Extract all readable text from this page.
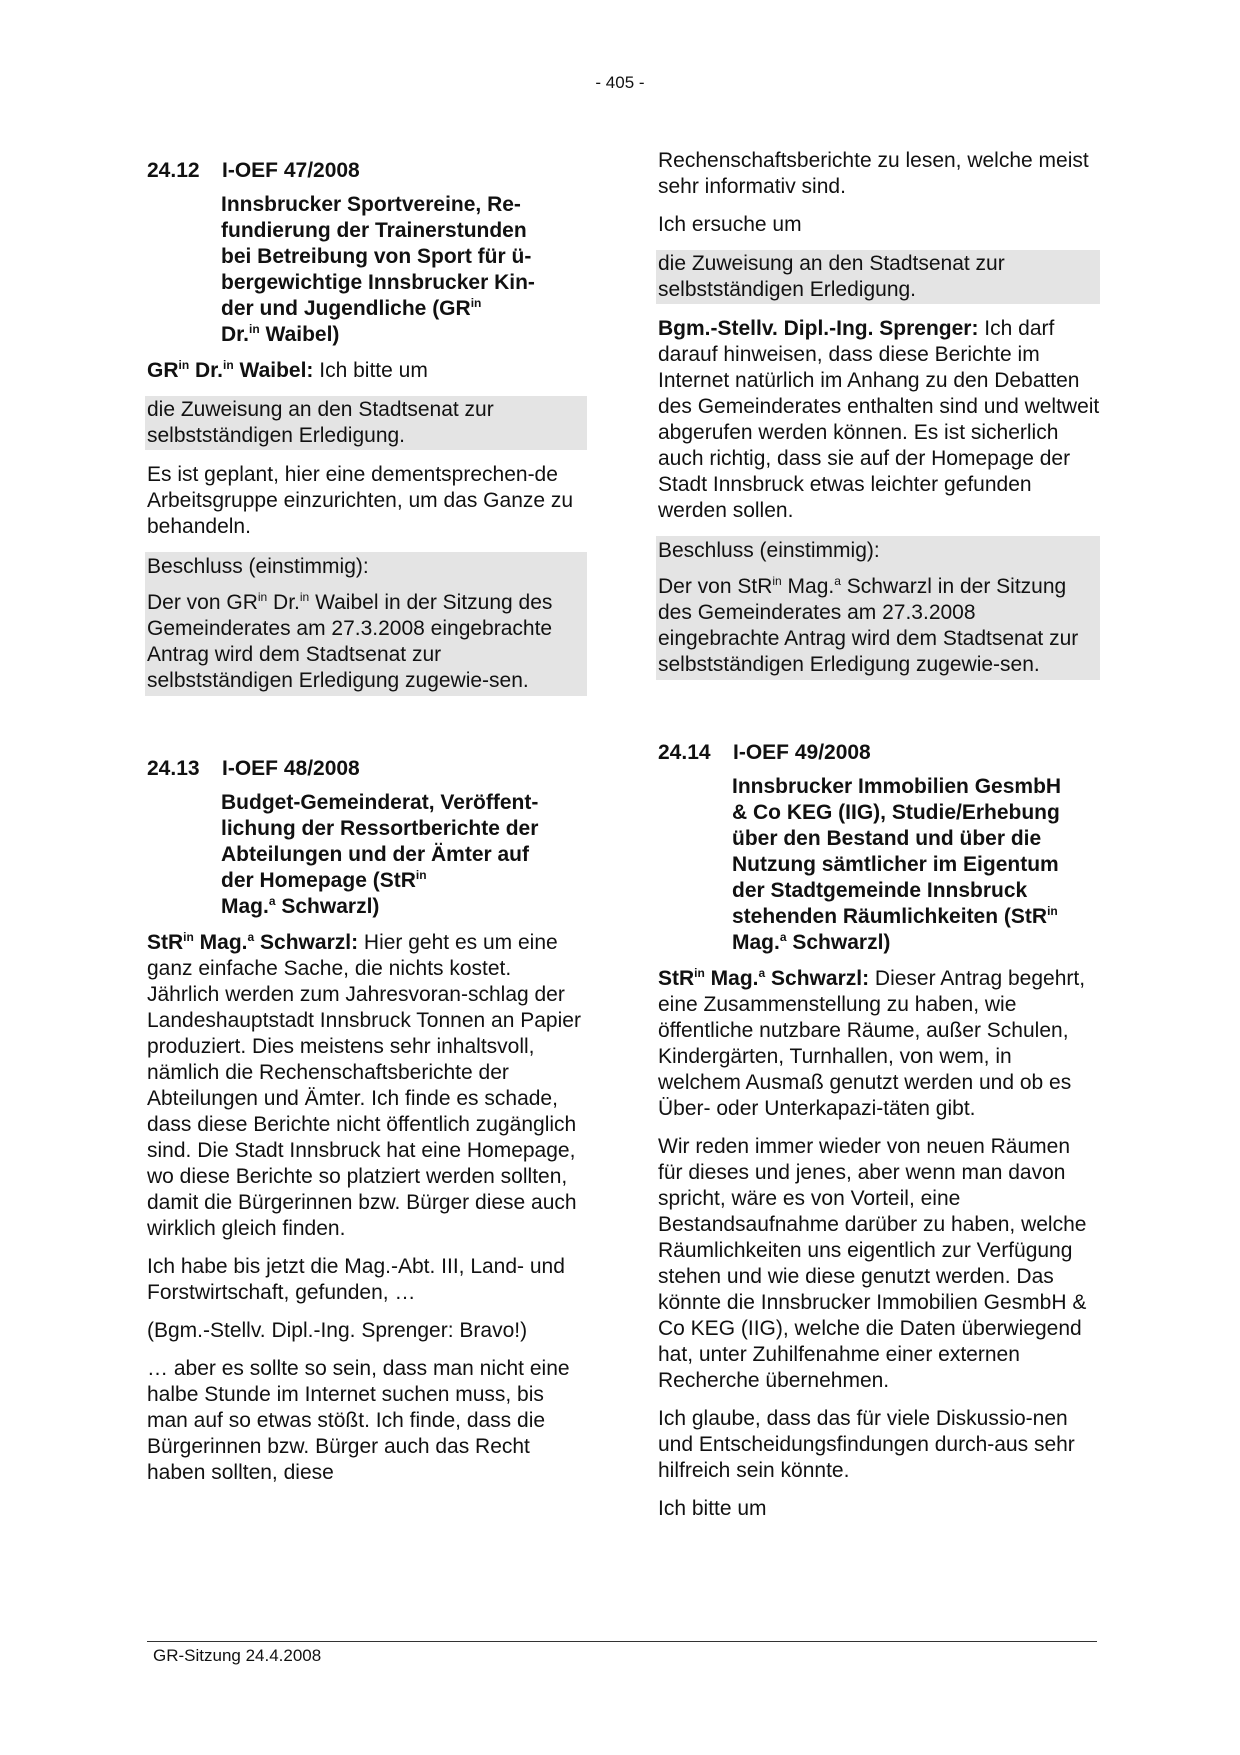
- 405 -
24.12 I-OEF 47/2008
Innsbrucker Sportvereine, Re-
fundierung der Trainerstunden
bei Betreibung von Sport für ü-
bergewichtige Innsbrucker Kin-
der und Jugendliche ($GR^{in}$
Dr.$^{in}$ Waibel)

$GR^{in}$ Dr.$^{in}$ Waibel: Ich bitte um

die Zuweisung an den Stadtsenat zur selbstständigen Erledigung.

Es ist geplant, hier eine dementsprechen-de Arbeitsgruppe einzurichten, um das Ganze zu behandeln.

Beschluss (einstimmig):

Der von $GR^{in}$ Dr.$^{in}$ Waibel in der Sitzung des Gemeinderates am 27.3.2008 eingebrachte Antrag wird dem Stadtsenat zur selbstständigen Erledigung zugewie-sen.

24.13 I-OEF 48/2008
Budget-Gemeinderat, Veröffent-
lichung der Ressortberichte der
Abteilungen und der Ämter auf
der Homepage (StR$^{in}$
Mag.$^a$ Schwarzl)

StR$^{in}$ Mag.$^a$ Schwarzl: Hier geht es um eine ganz einfache Sache, die nichts kostet. Jährlich werden zum Jahresvoran-schlag der Landeshauptstadt Innsbruck Tonnen an Papier produziert. Dies meistens sehr inhaltsvoll, nämlich die Rechenschaftsberichte der Abteilungen und Ämter. Ich finde es schade, dass diese Berichte nicht öffentlich zugänglich sind. Die Stadt Innsbruck hat eine Homepage, wo diese Berichte so platziert werden sollten, damit die Bürgerinnen bzw. Bürger diese auch wirklich gleich finden.

Ich habe bis jetzt die Mag.-Abt. III, Land- und Forstwirtschaft, gefunden, …

(Bgm.-Stellv. Dipl.-Ing. Sprenger: Bravo!)

… aber es sollte so sein, dass man nicht eine halbe Stunde im Internet suchen muss, bis man auf so etwas stößt. Ich finde, dass die Bürgerinnen bzw. Bürger auch das Recht haben sollten, diese

Rechenschaftsberichte zu lesen, welche meist sehr informativ sind.

Ich ersuche um

die Zuweisung an den Stadtsenat zur selbstständigen Erledigung.

Bgm.-Stellv. Dipl.-Ing. Sprenger: Ich darf darauf hinweisen, dass diese Berichte im Internet natürlich im Anhang zu den Debatten des Gemeinderates enthalten sind und weltweit abgerufen werden können. Es ist sicherlich auch richtig, dass sie auf der Homepage der Stadt Innsbruck etwas leichter gefunden werden sollen.

Beschluss (einstimmig):

Der von StR$^{in}$ Mag.$^a$ Schwarzl in der Sitzung des Gemeinderates am 27.3.2008 eingebrachte Antrag wird dem Stadtsenat zur selbstständigen Erledigung zugewie-sen.

24.14 I-OEF 49/2008
Innsbrucker Immobilien GesmbH
& Co KEG (IIG), Studie/Erhebung
über den Bestand und über die
Nutzung sämtlicher im Eigentum
der Stadtgemeinde Innsbruck
stehenden Räumlichkeiten (StR$^{in}$
Mag.$^a$ Schwarzl)

StR$^{in}$ Mag.$^a$ Schwarzl: Dieser Antrag begehrt, eine Zusammenstellung zu haben, wie öffentliche nutzbare Räume, außer Schulen, Kindergärten, Turnhallen, von wem, in welchem Ausmaß genutzt werden und ob es Über- oder Unterkapazi-täten gibt.

Wir reden immer wieder von neuen Räumen für dieses und jenes, aber wenn man davon spricht, wäre es von Vorteil, eine Bestandsaufnahme darüber zu haben, welche Räumlichkeiten uns eigentlich zur Verfügung stehen und wie diese genutzt werden. Das könnte die Innsbrucker Immobilien GesmbH & Co KEG (IIG), welche die Daten überwiegend hat, unter Zuhilfenahme einer externen Recherche übernehmen.

Ich glaube, dass das für viele Diskussio-nen und Entscheidungsfindungen durch-aus sehr hilfreich sein könnte.

Ich bitte um

GR-Sitzung 24.4.2008
